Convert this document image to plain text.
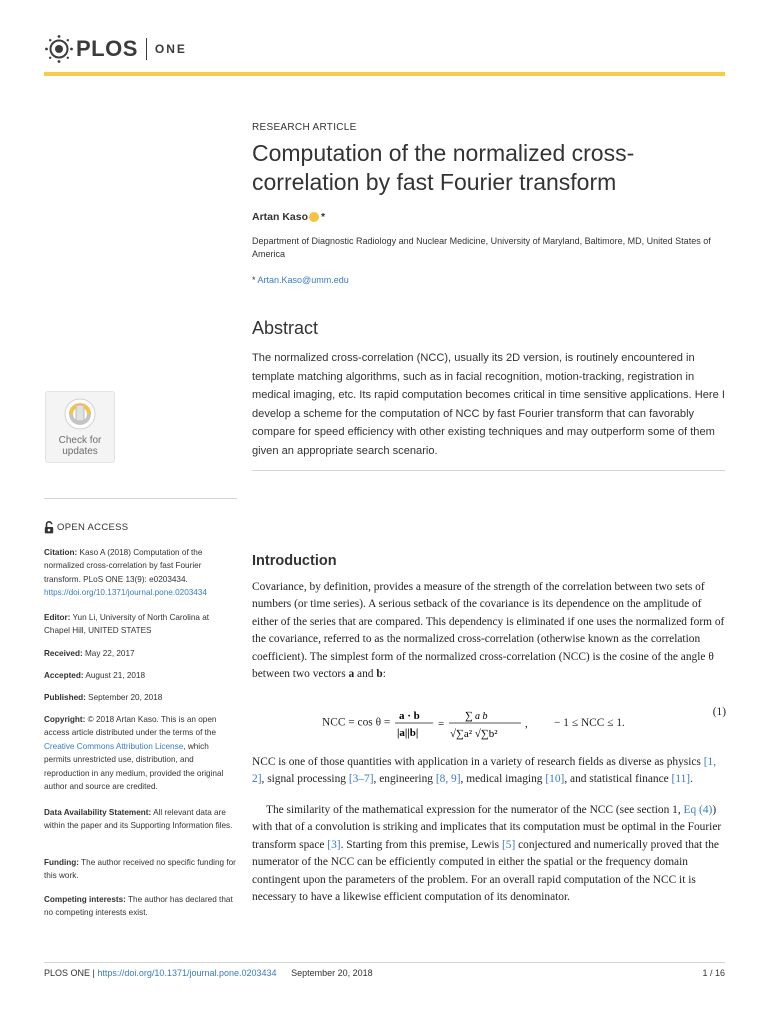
PLOS ONE
RESEARCH ARTICLE
Computation of the normalized cross-correlation by fast Fourier transform
Artan Kaso *
Department of Diagnostic Radiology and Nuclear Medicine, University of Maryland, Baltimore, MD, United States of America
* Artan.Kaso@umm.edu
Abstract
The normalized cross-correlation (NCC), usually its 2D version, is routinely encountered in template matching algorithms, such as in facial recognition, motion-tracking, registration in medical imaging, etc. Its rapid computation becomes critical in time sensitive applications. Here I develop a scheme for the computation of NCC by fast Fourier transform that can favorably compare for speed efficiency with other existing techniques and may outperform some of them given an appropriate search scenario.
Check for
updates
OPEN ACCESS
Citation: Kaso A (2018) Computation of the normalized cross-correlation by fast Fourier transform. PLoS ONE 13(9): e0203434. https://doi.org/10.1371/journal.pone.0203434
Editor: Yun Li, University of North Carolina at Chapel Hill, UNITED STATES
Received: May 22, 2017
Accepted: August 21, 2018
Published: September 20, 2018
Copyright: © 2018 Artan Kaso. This is an open access article distributed under the terms of the Creative Commons Attribution License, which permits unrestricted use, distribution, and reproduction in any medium, provided the original author and source are credited.
Data Availability Statement: All relevant data are within the paper and its Supporting Information files.
Funding: The author received no specific funding for this work.
Competing interests: The author has declared that no competing interests exist.
Introduction
Covariance, by definition, provides a measure of the strength of the correlation between two sets of numbers (or time series). A serious setback of the covariance is its dependence on the amplitude of either of the series that are compared. This dependency is eliminated if one uses the normalized form of the covariance, referred to as the normalized cross-correlation (otherwise known as the correlation coefficient). The simplest form of the normalized cross-correlation (NCC) is the cosine of the angle θ between two vectors a and b:
NCC = cos θ =
a · b
|a||b|
=
∑ a b
√∑a² √∑b²
, − 1 ≤ NCC ≤ 1.
(1)
NCC is one of those quantities with application in a variety of research fields as diverse as physics [1, 2], signal processing [3–7], engineering [8, 9], medical imaging [10], and statistical finance [11].
The similarity of the mathematical expression for the numerator of the NCC (see section 1, Eq (4)) with that of a convolution is striking and implicates that its computation must be optimal in the Fourier transform space [3]. Starting from this premise, Lewis [5] conjectured and numerically proved that the numerator of the NCC can be efficiently computed in either the spatial or the frequency domain contingent upon the parameters of the problem. For an overall rapid computation of the NCC it is necessary to have a likewise efficient computation of its denominator.
PLOS ONE | https://doi.org/10.1371/journal.pone.0203434 September 20, 2018	1 / 16
